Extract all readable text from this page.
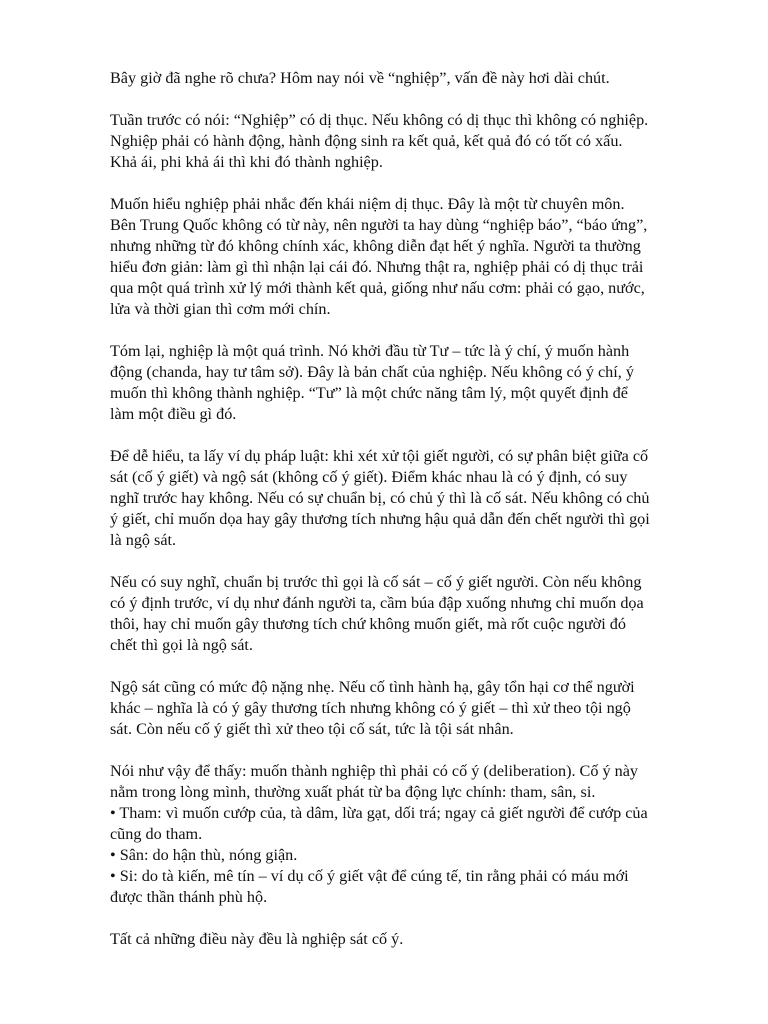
Bây giờ đã nghe rõ chưa? Hôm nay nói về “nghiệp”, vấn đề này hơi dài chút.

Tuần trước có nói: “Nghiệp” có dị thục. Nếu không có dị thục thì không có nghiệp.
Nghiệp phải có hành động, hành động sinh ra kết quả, kết quả đó có tốt có xấu.
Khả ái, phi khả ái thì khi đó thành nghiệp.

Muốn hiểu nghiệp phải nhắc đến khái niệm dị thục. Đây là một từ chuyên môn.
Bên Trung Quốc không có từ này, nên người ta hay dùng “nghiệp báo”, “báo ứng”,
nhưng những từ đó không chính xác, không diễn đạt hết ý nghĩa. Người ta thường
hiểu đơn giản: làm gì thì nhận lại cái đó. Nhưng thật ra, nghiệp phải có dị thục trải
qua một quá trình xử lý mới thành kết quả, giống như nấu cơm: phải có gạo, nước,
lửa và thời gian thì cơm mới chín.

Tóm lại, nghiệp là một quá trình. Nó khởi đầu từ Tư – tức là ý chí, ý muốn hành
động (chanda, hay tư tâm sở). Đây là bản chất của nghiệp. Nếu không có ý chí, ý
muốn thì không thành nghiệp. “Tư” là một chức năng tâm lý, một quyết định để
làm một điều gì đó.

Để dễ hiểu, ta lấy ví dụ pháp luật: khi xét xử tội giết người, có sự phân biệt giữa cố
sát (cố ý giết) và ngộ sát (không cố ý giết). Điểm khác nhau là có ý định, có suy
nghĩ trước hay không. Nếu có sự chuẩn bị, có chủ ý thì là cố sát. Nếu không có chủ
ý giết, chỉ muốn dọa hay gây thương tích nhưng hậu quả dẫn đến chết người thì gọi
là ngộ sát.

Nếu có suy nghĩ, chuẩn bị trước thì gọi là cố sát – cố ý giết người. Còn nếu không
có ý định trước, ví dụ như đánh người ta, cầm búa đập xuống nhưng chỉ muốn dọa
thôi, hay chỉ muốn gây thương tích chứ không muốn giết, mà rốt cuộc người đó
chết thì gọi là ngộ sát.

Ngộ sát cũng có mức độ nặng nhẹ. Nếu cố tình hành hạ, gây tổn hại cơ thể người
khác – nghĩa là có ý gây thương tích nhưng không có ý giết – thì xử theo tội ngộ
sát. Còn nếu cố ý giết thì xử theo tội cố sát, tức là tội sát nhân.

Nói như vậy để thấy: muốn thành nghiệp thì phải có cố ý (deliberation). Cố ý này
nằm trong lòng mình, thường xuất phát từ ba động lực chính: tham, sân, si.
• Tham: vì muốn cướp của, tà dâm, lừa gạt, dối trá; ngay cả giết người để cướp của
cũng do tham.
• Sân: do hận thù, nóng giận.
• Si: do tà kiến, mê tín – ví dụ cố ý giết vật để cúng tế, tin rằng phải có máu mới
được thần thánh phù hộ.

Tất cả những điều này đều là nghiệp sát cố ý.
